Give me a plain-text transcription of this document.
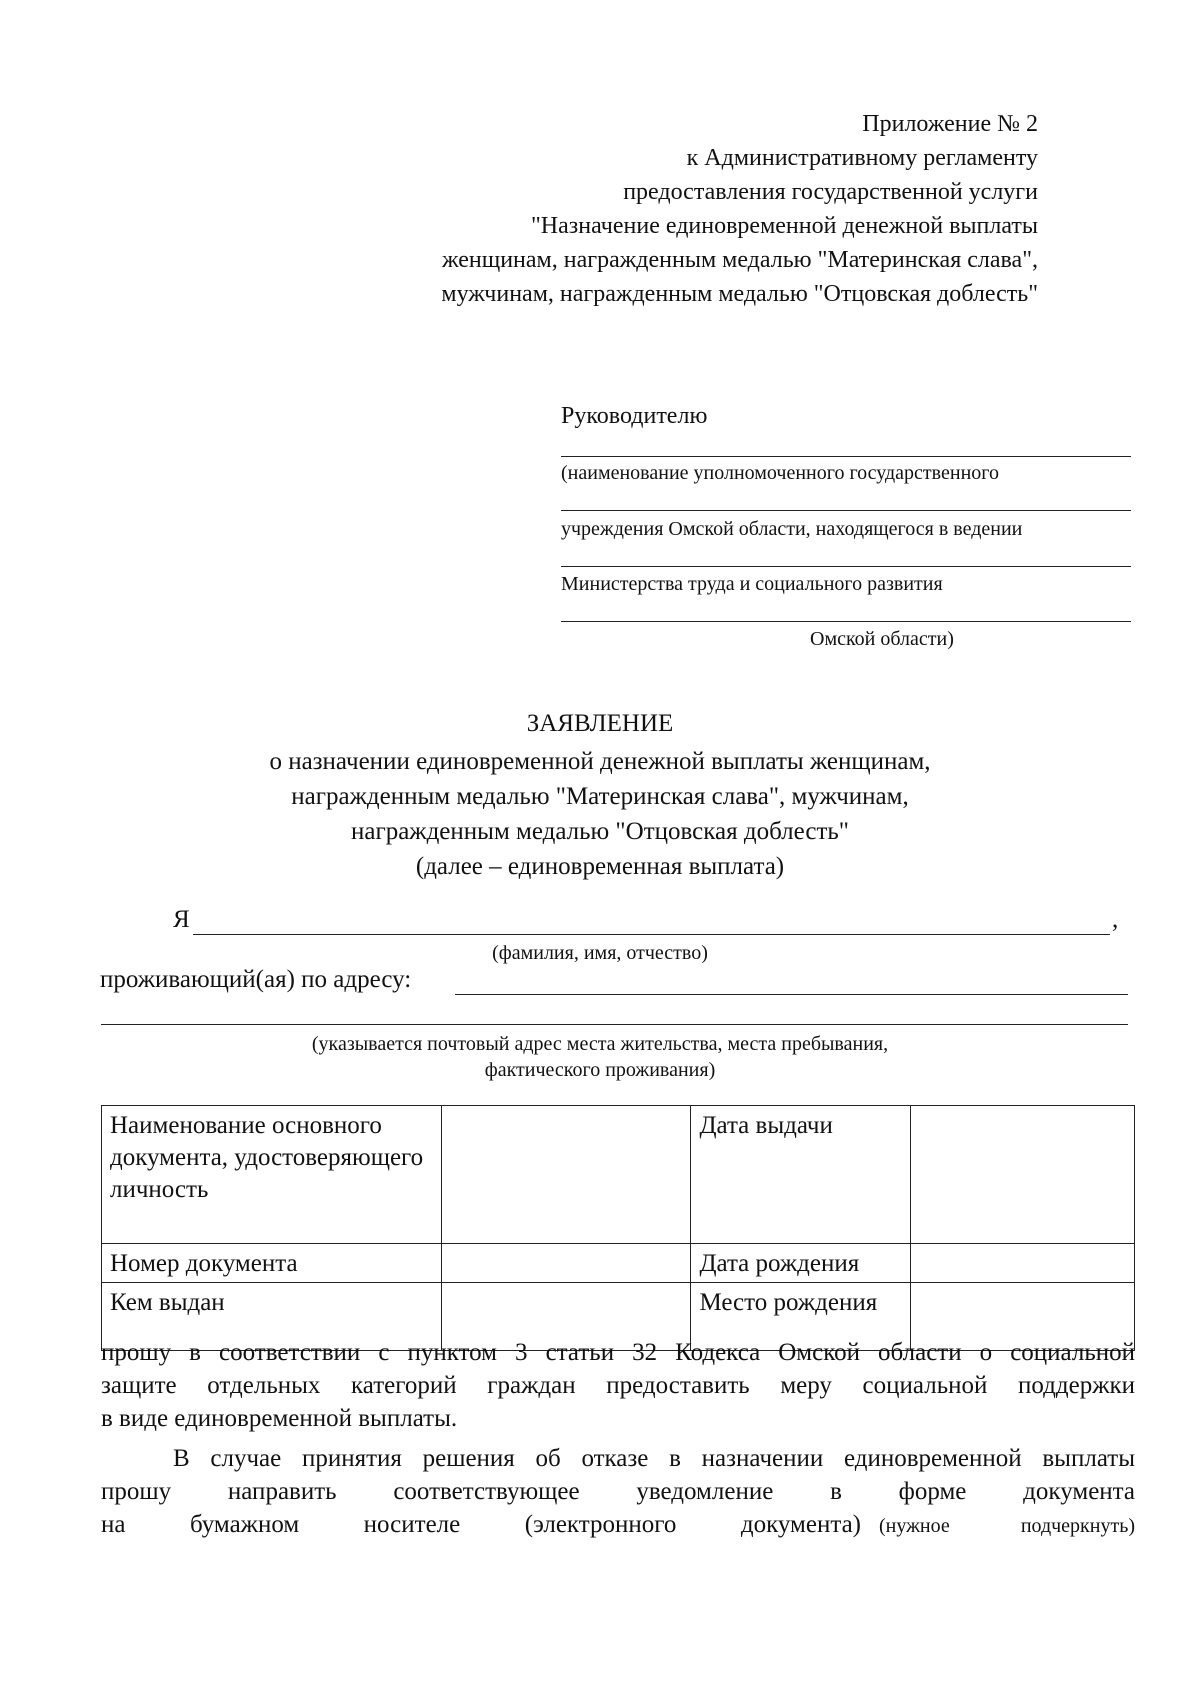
Приложение № 2
к Административному регламенту
предоставления государственной услуги
"Назначение единовременной денежной выплаты
женщинам, награжденным медалью "Материнская слава",
мужчинам, награжденным медалью "Отцовская доблесть"
Руководителю
(наименование уполномоченного государственного
учреждения Омской области, находящегося в ведении
Министерства труда и социального развития
Омской области)
ЗАЯВЛЕНИЕ
о назначении единовременной денежной выплаты женщинам,
награжденным медалью "Материнская слава", мужчинам,
награжденным медалью "Отцовская доблесть"
(далее – единовременная выплата)
Я	,
(фамилия, имя, отчество)
проживающий(ая) по адресу:
(указывается почтовый адрес места жительства, места пребывания,
фактического проживания)
Наименование основного документа, удостоверяющего личность		Дата выдачи	
Номер документа		Дата рождения	
Кем выдан		Место рождения	
прошу в соответствии с пунктом 3 статьи 32 Кодекса Омской области о социальной
защите отдельных категорий граждан предоставить меру социальной поддержки
в виде единовременной выплаты.
В случае принятия решения об отказе в назначении единовременной выплаты
прошу направить соответствующее уведомление в форме документа
на бумажном носителе (электронного документа) (нужное подчеркнуть)
